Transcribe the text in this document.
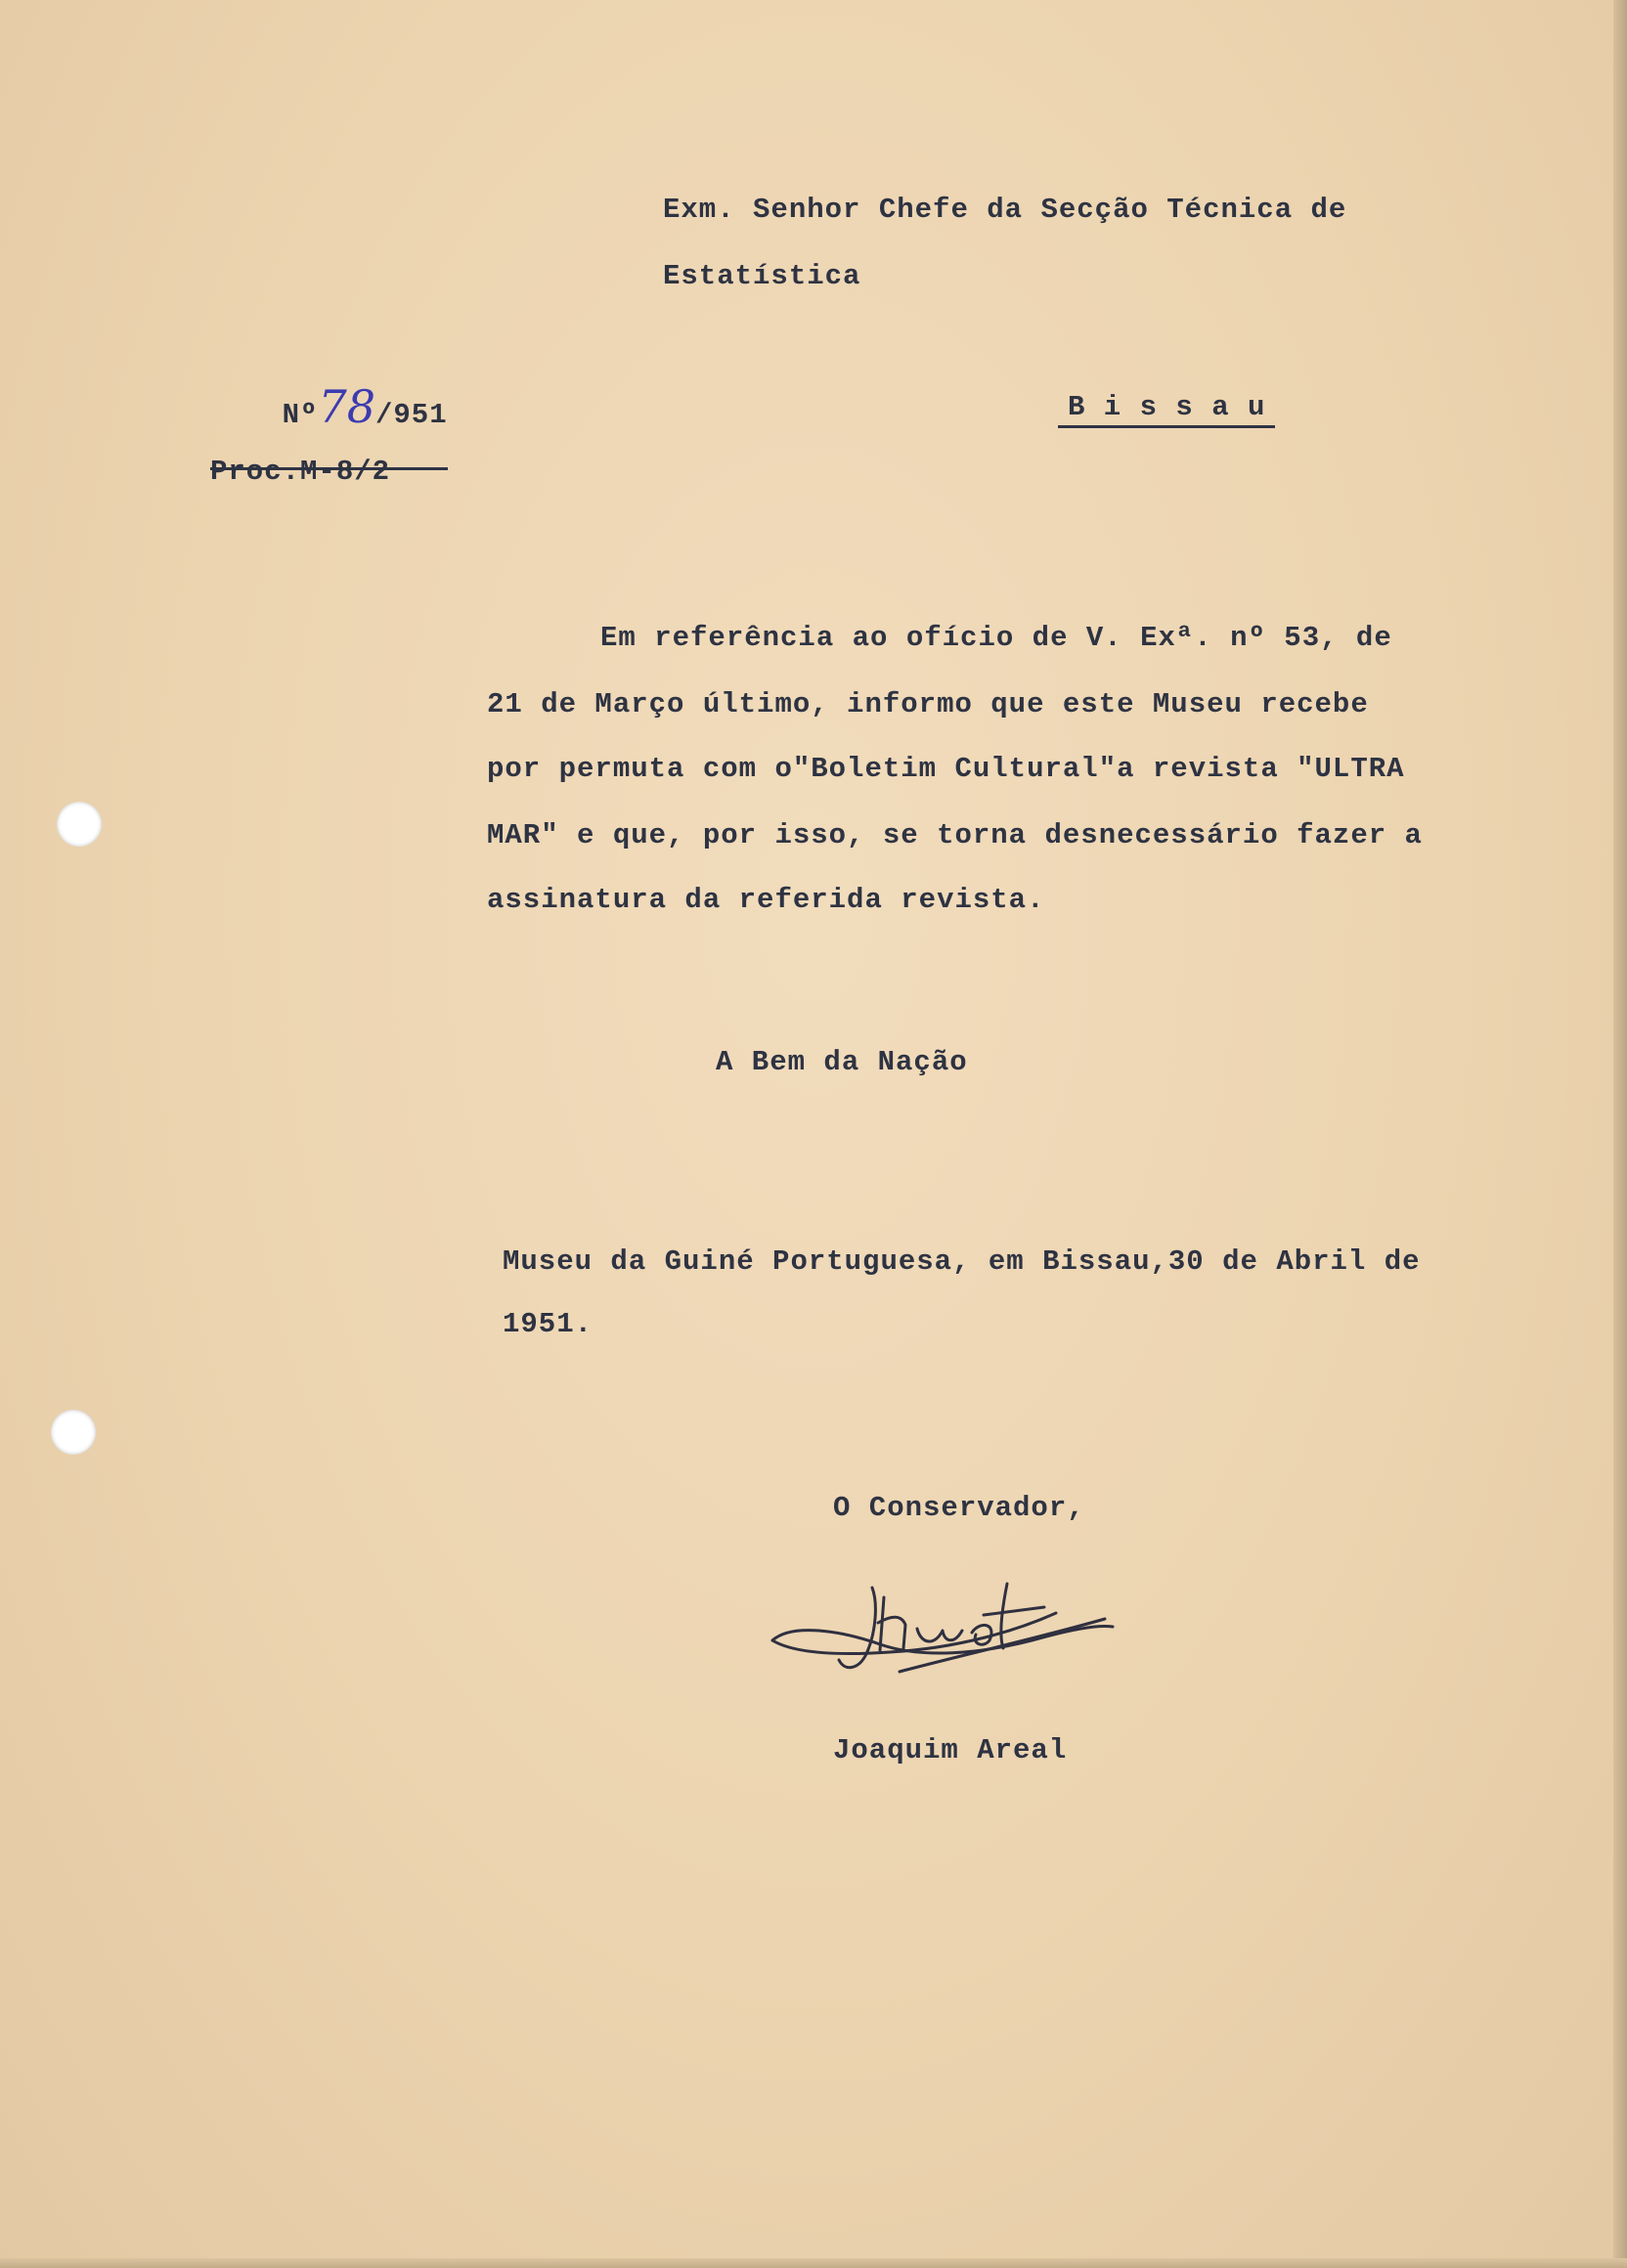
Exm. Senhor Chefe da Secção Técnica de
Estatística

Nº78/951

Proc.M-8/2
B i s s a u
Em referência ao ofício de V. Exª. nº 53, de
21 de Março último, informo que este Museu recebe
por permuta com o"Boletim Cultural"a revista "ULTRA
MAR" e que, por isso, se torna desnecessário fazer a
assinatura da referida revista.
A Bem da Nação
Museu da Guiné Portuguesa, em Bissau,30 de Abril de
1951.
O Conservador,
JAreal
Joaquim Areal
